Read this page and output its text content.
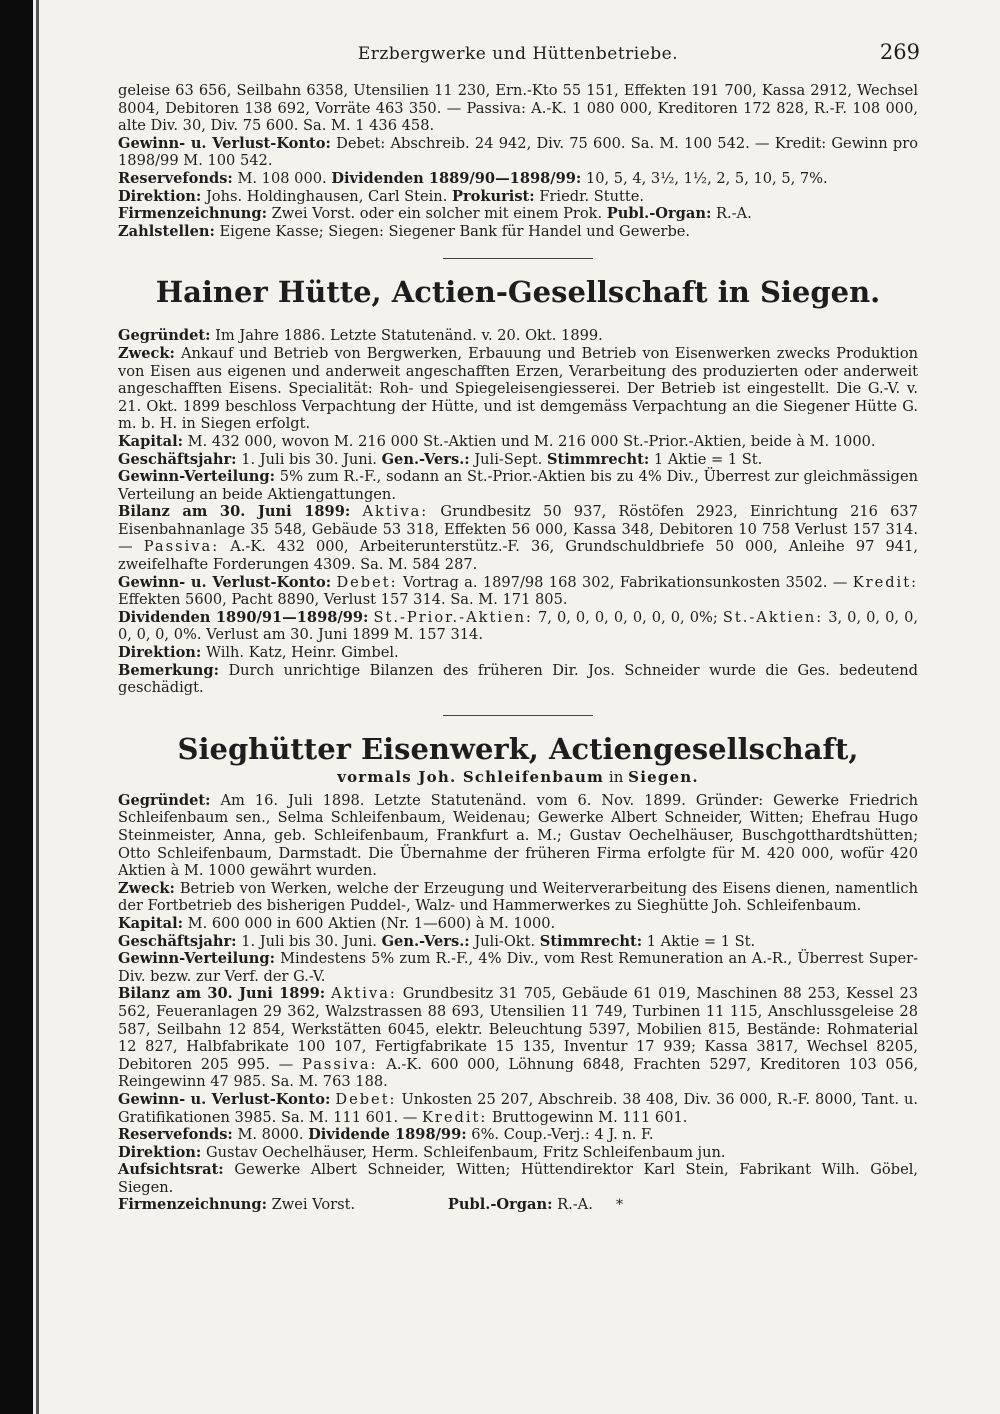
Erzbergwerke und Hüttenbetriebe.	269

geleise 63 656, Seilbahn 6358, Utensilien 11 230, Ern.-Kto 55 151, Effekten 191 700, Kassa 2912, Wechsel 8004, Debitoren 138 692, Vorräte 463 350. — Passiva: A.-K. 1 080 000, Kreditoren 172 828, R.-F. 108 000, alte Div. 30, Div. 75 600. Sa. M. 1 436 458.

Gewinn- u. Verlust-Konto: Debet: Abschreib. 24 942, Div. 75 600. Sa. M. 100 542. — Kredit: Gewinn pro 1898/99 M. 100 542.

Reservefonds: M. 108 000. Dividenden 1889/90—1898/99: 10, 5, 4, 3½, 1½, 2, 5, 10, 5, 7%.

Direktion: Johs. Holdinghausen, Carl Stein. Prokurist: Friedr. Stutte.

Firmenzeichnung: Zwei Vorst. oder ein solcher mit einem Prok. Publ.-Organ: R.-A.

Zahlstellen: Eigene Kasse; Siegen: Siegener Bank für Handel und Gewerbe.

Hainer Hütte, Actien-Gesellschaft in Siegen.

Gegründet: Im Jahre 1886. Letzte Statutenänd. v. 20. Okt. 1899.

Zweck: Ankauf und Betrieb von Bergwerken, Erbauung und Betrieb von Eisenwerken zwecks Produktion von Eisen aus eigenen und anderweit angeschafften Erzen, Verarbeitung des produzierten oder anderweit angeschafften Eisens. Specialität: Roh- und Spiegeleisengiesserei. Der Betrieb ist eingestellt. Die G.-V. v. 21. Okt. 1899 beschloss Verpachtung der Hütte, und ist demgemäss Verpachtung an die Siegener Hütte G. m. b. H. in Siegen erfolgt.

Kapital: M. 432 000, wovon M. 216 000 St.-Aktien und M. 216 000 St.-Prior.-Aktien, beide à M. 1000.

Geschäftsjahr: 1. Juli bis 30. Juni. Gen.-Vers.: Juli-Sept. Stimmrecht: 1 Aktie = 1 St.

Gewinn-Verteilung: 5% zum R.-F., sodann an St.-Prior.-Aktien bis zu 4% Div., Überrest zur gleichmässigen Verteilung an beide Aktiengattungen.

Bilanz am 30. Juni 1899: Aktiva: Grundbesitz 50 937, Röstöfen 2923, Einrichtung 216 637 Eisenbahnanlage 35 548, Gebäude 53 318, Effekten 56 000, Kassa 348, Debitoren 10 758 Verlust 157 314. — Passiva: A.-K. 432 000, Arbeiterunterstütz.-F. 36, Grundschuldbriefe 50 000, Anleihe 97 941, zweifelhafte Forderungen 4309. Sa. M. 584 287.

Gewinn- u. Verlust-Konto: Debet: Vortrag a. 1897/98 168 302, Fabrikationsunkosten 3502. — Kredit: Effekten 5600, Pacht 8890, Verlust 157 314. Sa. M. 171 805.

Dividenden 1890/91—1898/99: St.-Prior.-Aktien: 7, 0, 0, 0, 0, 0, 0, 0, 0%; St.-Aktien: 3, 0, 0, 0, 0, 0, 0, 0, 0%. Verlust am 30. Juni 1899 M. 157 314.

Direktion: Wilh. Katz, Heinr. Gimbel.

Bemerkung: Durch unrichtige Bilanzen des früheren Dir. Jos. Schneider wurde die Ges. bedeutend geschädigt.

Sieghütter Eisenwerk, Actiengesellschaft,
vormals Joh. Schleifenbaum in Siegen.

Gegründet: Am 16. Juli 1898. Letzte Statutenänd. vom 6. Nov. 1899. Gründer: Gewerke Friedrich Schleifenbaum sen., Selma Schleifenbaum, Weidenau; Gewerke Albert Schneider, Witten; Ehefrau Hugo Steinmeister, Anna, geb. Schleifenbaum, Frankfurt a. M.; Gustav Oechelhäuser, Buschgotthardtshütten; Otto Schleifenbaum, Darmstadt. Die Übernahme der früheren Firma erfolgte für M. 420 000, wofür 420 Aktien à M. 1000 gewährt wurden.

Zweck: Betrieb von Werken, welche der Erzeugung und Weiterverarbeitung des Eisens dienen, namentlich der Fortbetrieb des bisherigen Puddel-, Walz- und Hammerwerkes zu Sieghütte Joh. Schleifenbaum.

Kapital: M. 600 000 in 600 Aktien (Nr. 1—600) à M. 1000.

Geschäftsjahr: 1. Juli bis 30. Juni. Gen.-Vers.: Juli-Okt. Stimmrecht: 1 Aktie = 1 St.

Gewinn-Verteilung: Mindestens 5% zum R.-F., 4% Div., vom Rest Remuneration an A.-R., Überrest Super-Div. bezw. zur Verf. der G.-V.

Bilanz am 30. Juni 1899: Aktiva: Grundbesitz 31 705, Gebäude 61 019, Maschinen 88 253, Kessel 23 562, Feueranlagen 29 362, Walzstrassen 88 693, Utensilien 11 749, Turbinen 11 115, Anschlussgeleise 28 587, Seilbahn 12 854, Werkstätten 6045, elektr. Beleuchtung 5397, Mobilien 815, Bestände: Rohmaterial 12 827, Halbfabrikate 100 107, Fertigfabrikate 15 135, Inventur 17 939; Kassa 3817, Wechsel 8205, Debitoren 205 995. — Passiva: A.-K. 600 000, Löhnung 6848, Frachten 5297, Kreditoren 103 056, Reingewinn 47 985. Sa. M. 763 188.

Gewinn- u. Verlust-Konto: Debet: Unkosten 25 207, Abschreib. 38 408, Div. 36 000, R.-F. 8000, Tant. u. Gratifikationen 3985. Sa. M. 111 601. — Kredit: Bruttogewinn M. 111 601.

Reservefonds: M. 8000. Dividende 1898/99: 6%. Coup.-Verj.: 4 J. n. F.

Direktion: Gustav Oechelhäuser, Herm. Schleifenbaum, Fritz Schleifenbaum jun.

Aufsichtsrat: Gewerke Albert Schneider, Witten; Hüttendirektor Karl Stein, Fabrikant Wilh. Göbel, Siegen.

Firmenzeichnung: Zwei Vorst.	Publ.-Organ: R.-A. *
